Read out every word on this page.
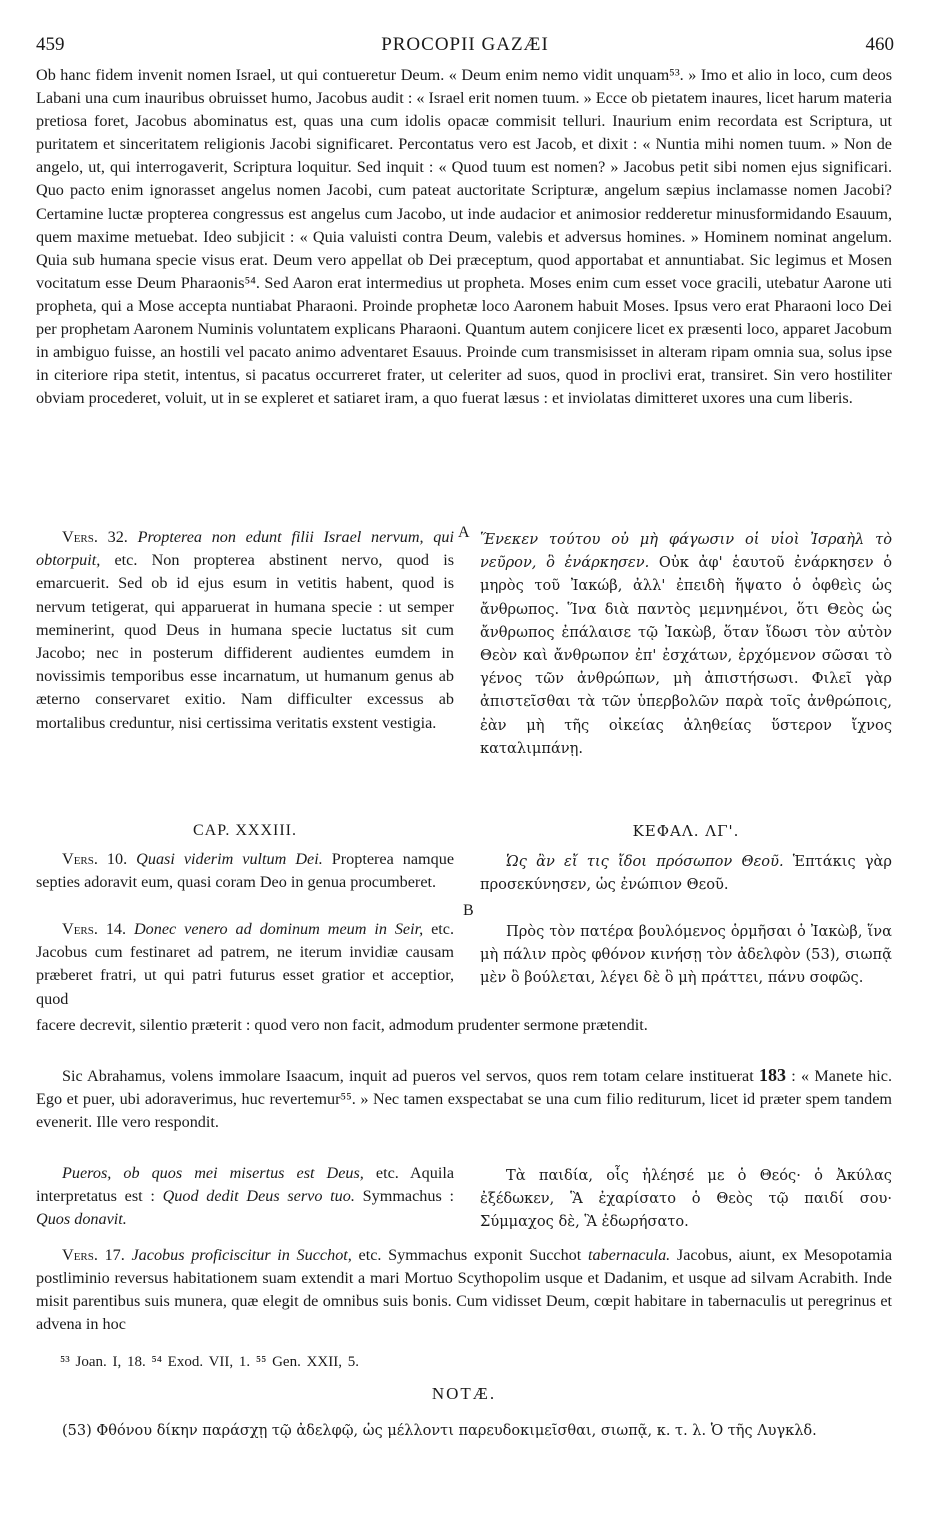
459	PROCOPII GAZÆI	460

Ob hanc fidem invenit nomen Israel, ut qui contueretur Deum. « Deum enim nemo vidit unquam⁵³. » Imo et alio in loco, cum deos Labani una cum inauribus obruisset humo, Jacobus audit : « Israel erit nomen tuum. » Ecce ob pietatem inaures, licet harum materia pretiosa foret, Jacobus abominatus est, quas una cum idolis opacæ commisit telluri. Inaurium enim recordata est Scriptura, ut puritatem et sinceritatem religionis Jacobi significaret. Percontatus vero est Jacob, et dixit : « Nuntia mihi nomen tuum. » Non de angelo, ut, qui interrogaverit, Scriptura loquitur. Sed inquit : « Quod tuum est nomen? » Jacobus petit sibi nomen ejus significari. Quo pacto enim ignorasset angelus nomen Jacobi, cum pateat auctoritate Scripturæ, angelum sæpius inclamasse nomen Jacobi? Certamine luctæ propterea congressus est angelus cum Jacobo, ut inde audacior et animosior redderetur minusformidando Esauum, quem maxime metuebat. Ideo subjicit : « Quia valuisti contra Deum, valebis et adversus homines. » Hominem nominat angelum. Quia sub humana specie visus erat. Deum vero appellat ob Dei præceptum, quod apportabat et annuntiabat. Sic legimus et Mosen vocitatum esse Deum Pharaonis⁵⁴. Sed Aaron erat intermedius ut propheta. Moses enim cum esset voce gracili, utebatur Aarone uti propheta, qui a Mose accepta nuntiabat Pharaoni. Proinde prophetæ loco Aaronem habuit Moses. Ipsus vero erat Pharaoni loco Dei per prophetam Aaronem Numinis voluntatem explicans Pharaoni. Quantum autem conjicere licet ex præsenti loco, apparet Jacobum in ambiguo fuisse, an hostili vel pacato animo adventaret Esauus. Proinde cum transmisisset in alteram ripam omnia sua, solus ipse in citeriore ripa stetit, intentus, si pacatus occurreret frater, ut celeriter ad suos, quod in proclivi erat, transiret. Sin vero hostiliter obviam procederet, voluit, ut in se expleret et satiaret iram, a quo fuerat læsus : et inviolatas dimitteret uxores una cum liberis.

Vers. 32. Propterea non edunt filii Israel nervum, qui obtorpuit, etc. Non propterea abstinent nervo, quod is emarcuerit. Sed ob id ejus esum in vetitis habent, quod is nervum tetigerat, qui apparuerat in humana specie : ut semper meminerint, quod Deus in humana specie luctatus sit cum Jacobo; nec in posterum diffiderent audientes eumdem in novissimis temporibus esse incarnatum, ut humanum genus ab æterno conservaret exitio. Nam difficulter excessus ab mortalibus creduntur, nisi certissima veritatis exstent vestigia.

A Ἕνεκεν τούτου οὐ μὴ φάγωσιν οἱ υἱοὶ Ἰσραὴλ τὸ νεῦρον, ὃ ἐνάρκησεν. Οὐκ ἀφ' ἑαυτοῦ ἐνάρκησεν ὁ μηρὸς τοῦ Ἰακώβ, ἀλλ' ἐπειδὴ ἥψατο ὁ ὀφθεὶς ὡς ἄνθρωπος. Ἵνα διὰ παντὸς μεμνημένοι, ὅτι Θεὸς ὡς ἄνθρωπος ἐπάλαισε τῷ Ἰακὼβ, ὅταν ἴδωσι τὸν αὐτὸν Θεὸν καὶ ἄνθρωπον ἐπ' ἐσχάτων, ἐρχόμενον σῶσαι τὸ γένος τῶν ἀνθρώπων, μὴ ἀπιστήσωσι. Φιλεῖ γὰρ ἀπιστεῖσθαι τὰ τῶν ὑπερβολῶν παρὰ τοῖς ἀνθρώποις, ἐὰν μὴ τῆς οἰκείας ἀληθείας ὕστερον ἴχνος καταλιμπάνῃ.

CAP. XXXIII.	ΚΕΦΑΛ. ΛΓ'.

Vers. 10. Quasi viderim vultum Dei. Propterea namque septies adoravit eum, quasi coram Deo in genua procumberet.

Ὡς ἂν εἴ τις ἴδοι πρόσωπον Θεοῦ. Ἑπτάκις γὰρ προσεκύνησεν, ὡς ἐνώπιον Θεοῦ.

B

Vers. 14. Donec venero ad dominum meum in Seir, etc. Jacobus cum festinaret ad patrem, ne iterum invidiæ causam præberet fratri, ut qui patri futurus esset gratior et acceptior, quod

Πρὸς τὸν πατέρα βουλόμενος ὁρμῆσαι ὁ Ἰακὼβ, ἵνα μὴ πάλιν πρὸς φθόνον κινήσῃ τὸν ἀδελφὸν (53), σιωπᾷ μὲν ὃ βούλεται, λέγει δὲ ὃ μὴ πράττει, πάνυ σοφῶς.

facere decrevit, silentio præterit : quod vero non facit, admodum prudenter sermone prætendit.

Sic Abrahamus, volens immolare Isaacum, inquit ad pueros vel servos, quos rem totam celare instituerat 183 : « Manete hic. Ego et puer, ubi adoraverimus, huc revertemur⁵⁵. » Nec tamen exspectabat se una cum filio rediturum, licet id præter spem tandem evenerit. Ille vero respondit.

Pueros, ob quos mei misertus est Deus, etc. Aquila interpretatus est : Quod dedit Deus servo tuo. Symmachus : Quos donavit.

Τὰ παιδία, οἷς ἠλέησέ με ὁ Θεός· ὁ Ἀκύλας ἐξέδωκεν, Ἃ ἐχαρίσατο ὁ Θεὸς τῷ παιδί σου· Σύμμαχος δὲ, Ἃ ἐδωρήσατο.

Vers. 17. Jacobus proficiscitur in Succhot, etc. Symmachus exponit Succhot tabernacula. Jacobus, aiunt, ex Mesopotamia postliminio reversus habitationem suam extendit a mari Mortuo Scythopolim usque et Dadanim, et usque ad silvam Acrabith. Inde misit parentibus suis munera, quæ elegit de omnibus suis bonis. Cum vidisset Deum, cœpit habitare in tabernaculis ut peregrinus et advena in hoc

⁵³ Joan. I, 18. ⁵⁴ Exod. VII, 1. ⁵⁵ Gen. XXII, 5.
NOTÆ.

(53) Φθόνου δίκην παράσχῃ τῷ ἀδελφῷ, ὡς μέλλοντι παρευδοκιμεῖσθαι, σιωπᾷ, κ. τ. λ. Ὁ τῆς Λυγκλδ.
